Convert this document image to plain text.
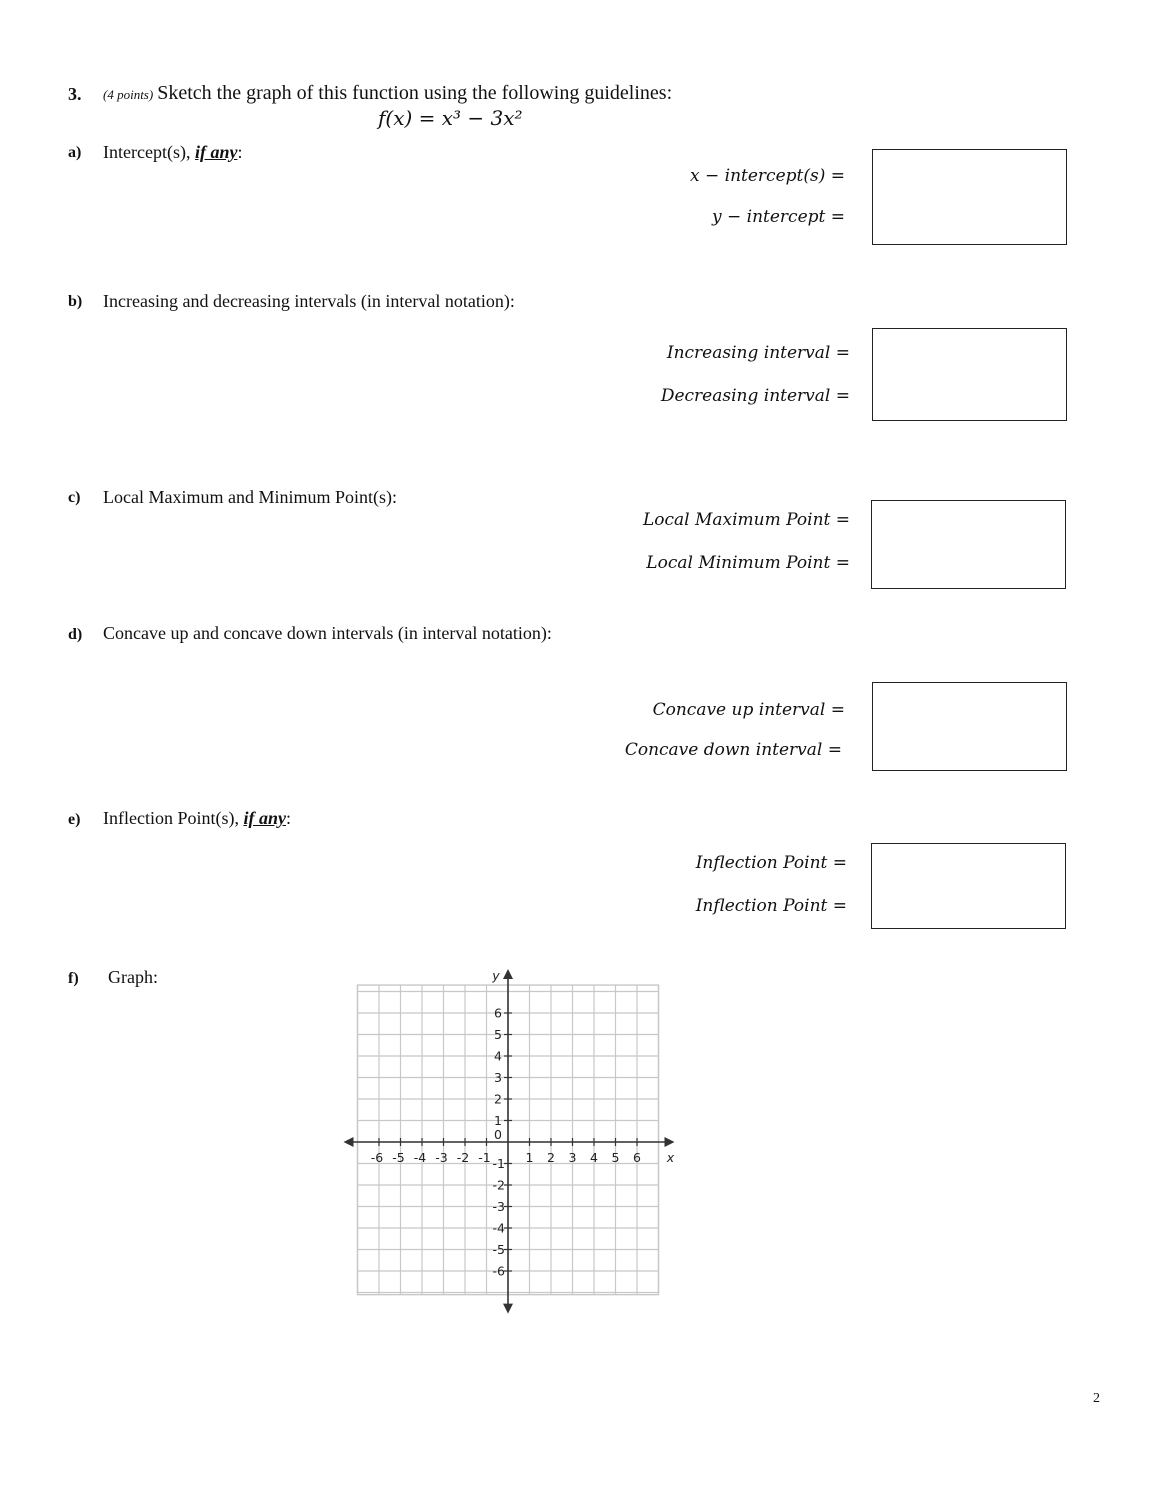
3. (4 points) Sketch the graph of this function using the following guidelines:
f(x) = x³ − 3x²
a) Intercept(s), if any:
x − intercept(s) =
y − intercept =
b) Increasing and decreasing intervals (in interval notation):
Increasing interval =
Decreasing interval =
c) Local Maximum and Minimum Point(s):
Local Maximum Point =
Local Minimum Point =
d) Concave up and concave down intervals (in interval notation):
Concave up interval =
Concave down interval =
e) Inflection Point(s), if any:
Inflection Point =
Inflection Point =
f) Graph:
-6 -5 -4 -3 -2 -1	1 2 3 4 5 6
1
2
3
4
5
6
-1
-2
-3
-4
-5
-6
0
x
y
2
